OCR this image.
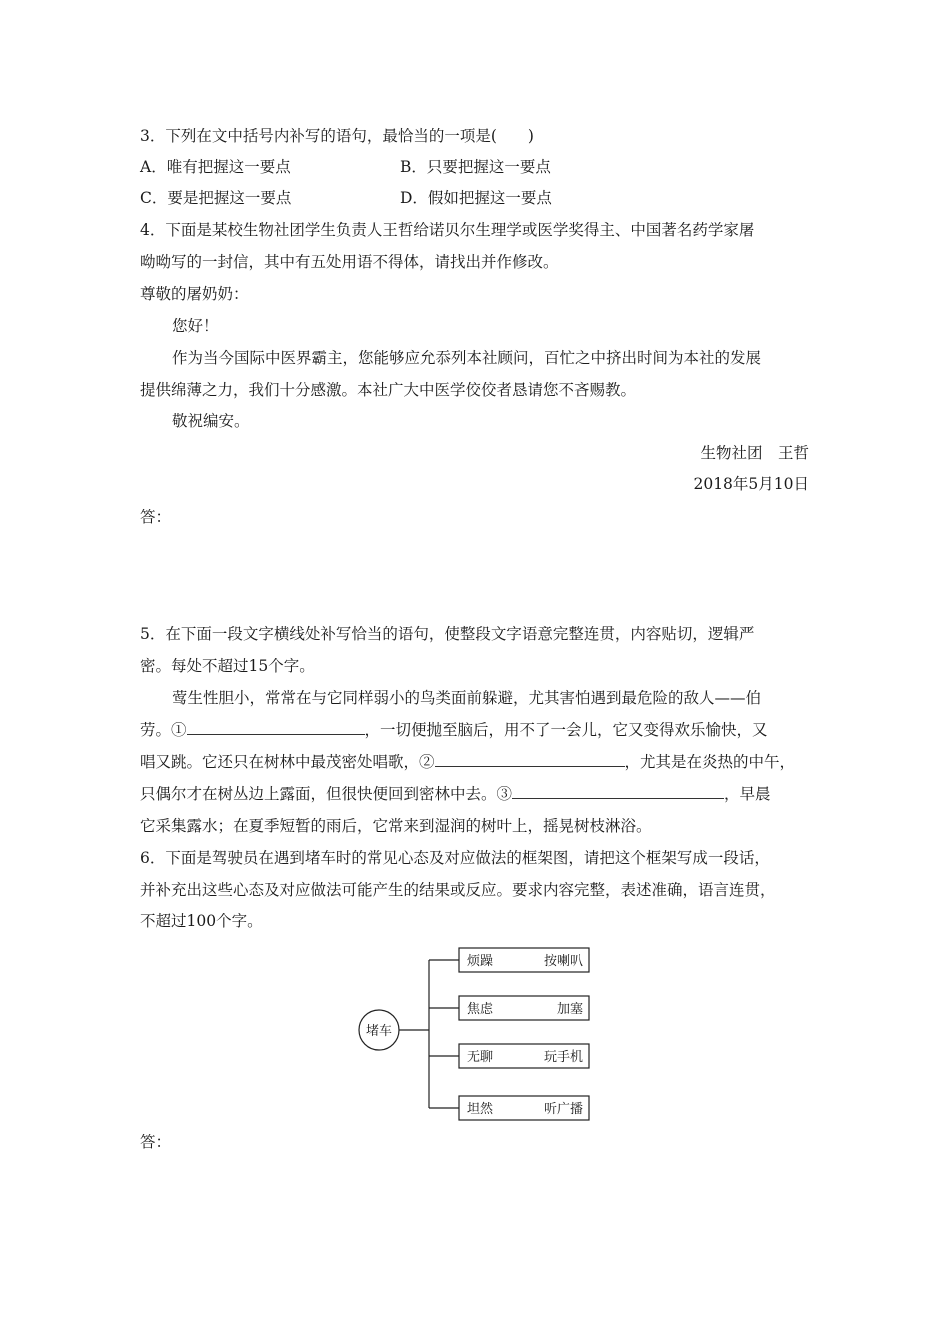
3．下列在文中括号内补写的语句，最恰当的一项是(　　)
A．唯有把握这一要点	B．只要把握这一要点
C．要是把握这一要点	D．假如把握这一要点
4．下面是某校生物社团学生负责人王哲给诺贝尔生理学或医学奖得主、中国著名药学家屠
呦呦写的一封信，其中有五处用语不得体，请找出并作修改。
尊敬的屠奶奶：
您好！
作为当今国际中医界霸主，您能够应允忝列本社顾问，百忙之中挤出时间为本社的发展
提供绵薄之力，我们十分感激。本社广大中医学佼佼者恳请您不吝赐教。
敬祝编安。
生物社团　王哲
2018年5月10日
答：
5．在下面一段文字横线处补写恰当的语句，使整段文字语意完整连贯，内容贴切，逻辑严
密。每处不超过15个字。
莺生性胆小，常常在与它同样弱小的鸟类面前躲避，尤其害怕遇到最危险的敌人——伯
劳。①	，一切便抛至脑后，用不了一会儿，它又变得欢乐愉快，又
唱又跳。它还只在树林中最茂密处唱歌，②	，尤其是在炎热的中午，
只偶尔才在树丛边上露面，但很快便回到密林中去。③	，早晨
它采集露水；在夏季短暂的雨后，它常来到湿润的树叶上，摇晃树枝淋浴。
6．下面是驾驶员在遇到堵车时的常见心态及对应做法的框架图，请把这个框架写成一段话，
并补充出这些心态及对应做法可能产生的结果或反应。要求内容完整，表述准确，语言连贯，
不超过100个字。
堵车
烦躁	按喇叭
焦虑	加塞
无聊	玩手机
坦然	听广播
答：
